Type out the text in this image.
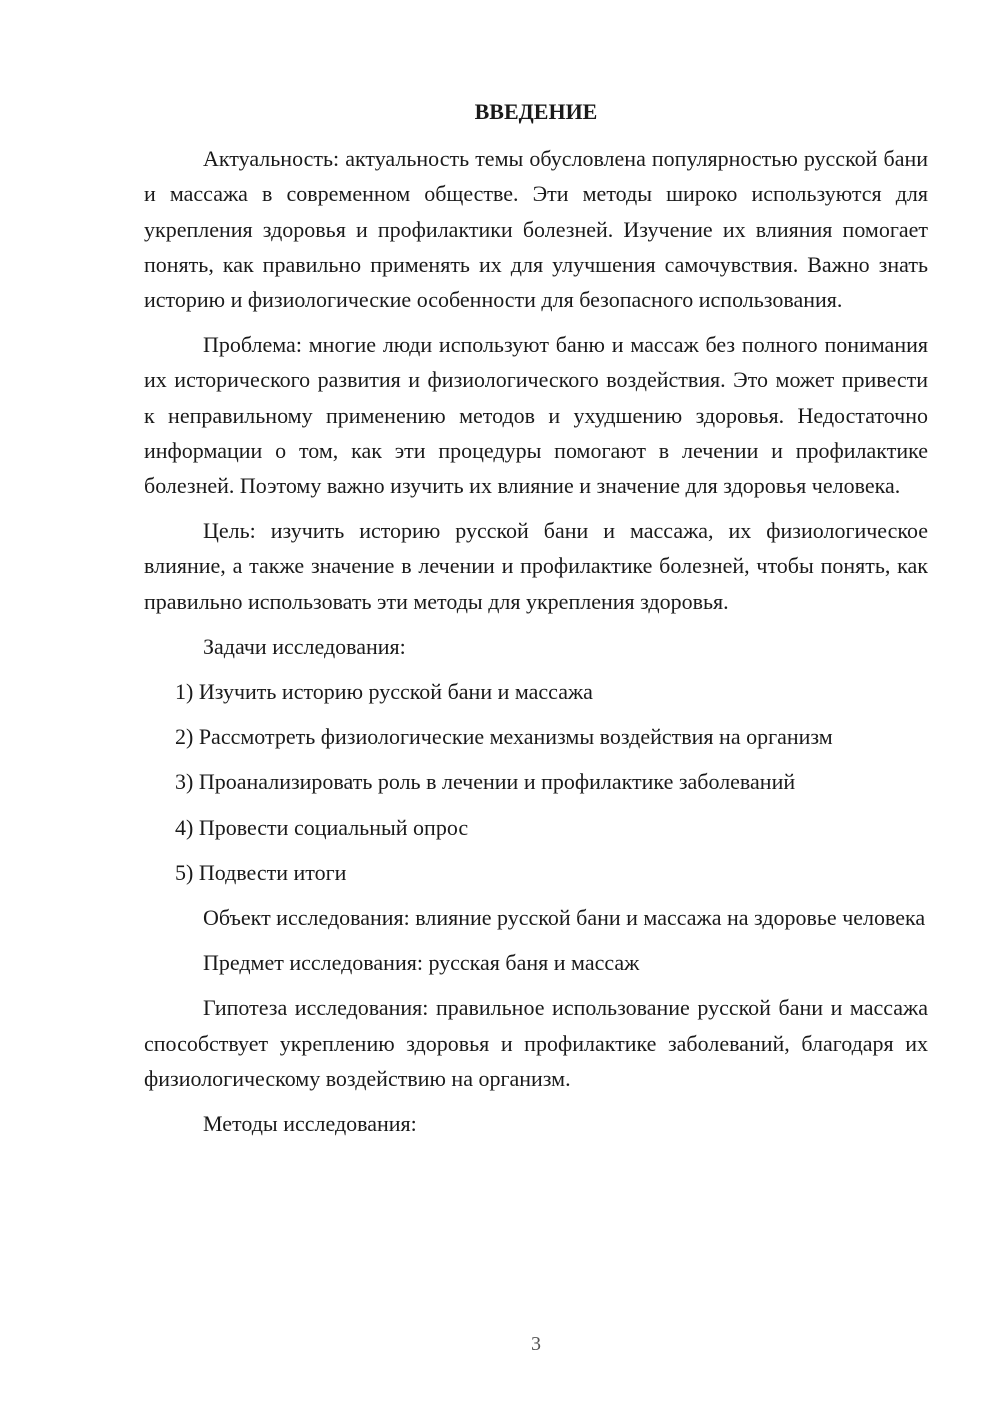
ВВЕДЕНИЕ

Актуальность: актуальность темы обусловлена популярностью русской бани и массажа в современном обществе. Эти методы широко используются для укрепления здоровья и профилактики болезней. Изучение их влияния помогает понять, как правильно применять их для улучшения самочувствия. Важно знать историю и физиологические особенности для безопасного использования.

Проблема: многие люди используют баню и массаж без полного понимания их исторического развития и физиологического воздействия. Это может привести к неправильному применению методов и ухудшению здоровья. Недостаточно информации о том, как эти процедуры помогают в лечении и профилактике болезней. Поэтому важно изучить их влияние и значение для здоровья человека.

Цель: изучить историю русской бани и массажа, их физиологическое влияние, а также значение в лечении и профилактике болезней, чтобы понять, как правильно использовать эти методы для укрепления здоровья.

Задачи исследования:

1) Изучить историю русской бани и массажа
2) Рассмотреть физиологические механизмы воздействия на организм
3) Проанализировать роль в лечении и профилактике заболеваний
4) Провести социальный опрос
5) Подвести итоги

Объект исследования: влияние русской бани и массажа на здоровье человека

Предмет исследования: русская баня и массаж

Гипотеза исследования: правильное использование русской бани и массажа способствует укреплению здоровья и профилактике заболеваний, благодаря их физиологическому воздействию на организм.

Методы исследования:

3
